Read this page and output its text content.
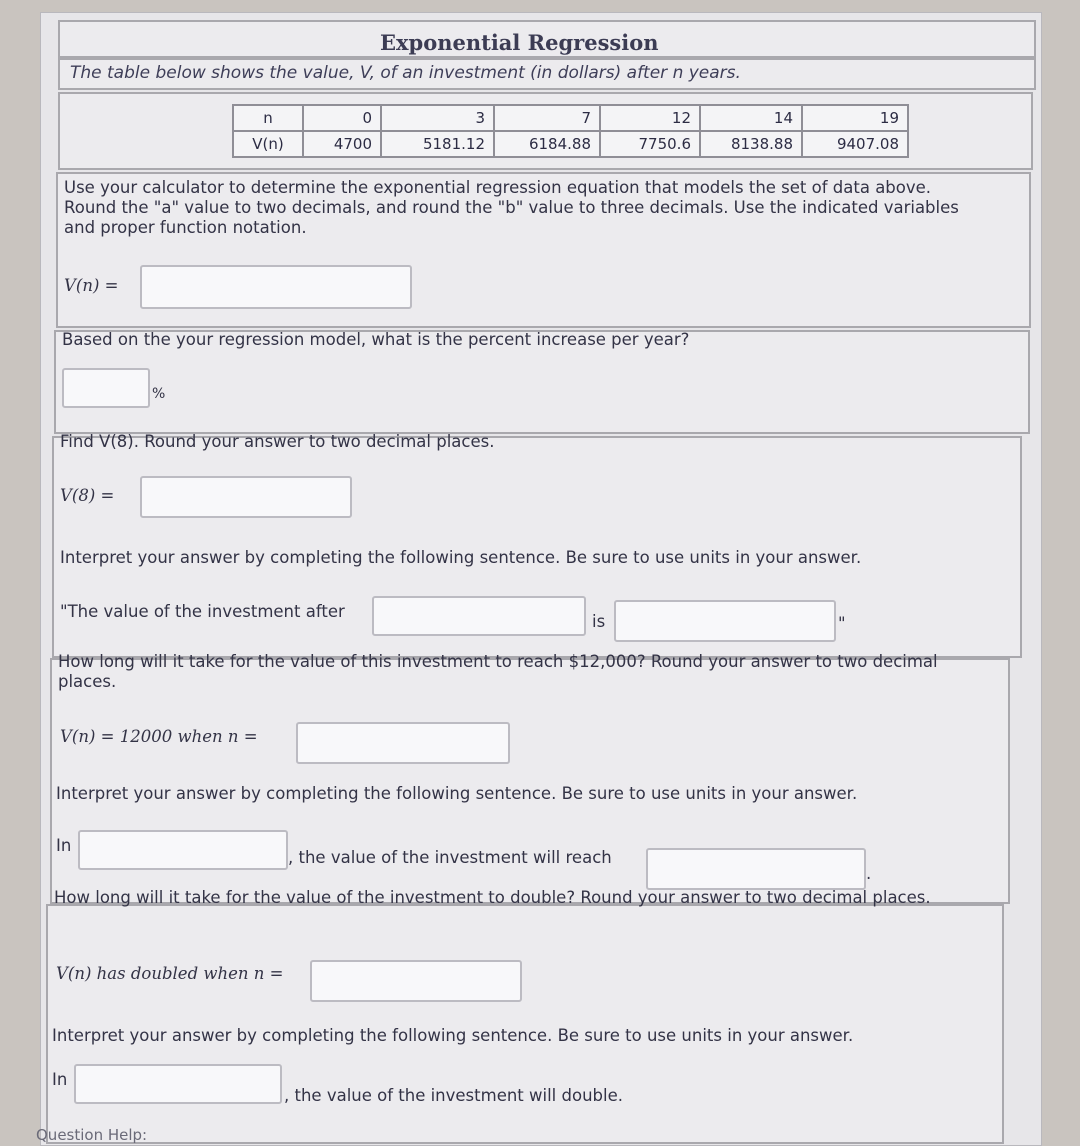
Exponential Regression
The table below shows the value, V, of an investment (in dollars) after n years.
n	0	3	7	12	14	19
V(n)	4700	5181.12	6184.88	7750.6	8138.88	9407.08
Use your calculator to determine the exponential regression equation that models the set of data above. Round the "a" value to two decimals, and round the "b" value to three decimals. Use the indicated variables and proper function notation.
V(n) =
Based on the your regression model, what is the percent increase per year?
%
Find V(8). Round your answer to two decimal places.
V(8) =
Interpret your answer by completing the following sentence. Be sure to use units in your answer.
"The value of the investment after
is	"
How long will it take for the value of this investment to reach $12,000? Round your answer to two decimal places.
V(n) = 12000 when n =
Interpret your answer by completing the following sentence. Be sure to use units in your answer.
In
, the value of the investment will reach
.
How long will it take for the value of the investment to double? Round your answer to two decimal places.
V(n) has doubled when n =
Interpret your answer by completing the following sentence. Be sure to use units in your answer.
In
, the value of the investment will double.
Question Help:
